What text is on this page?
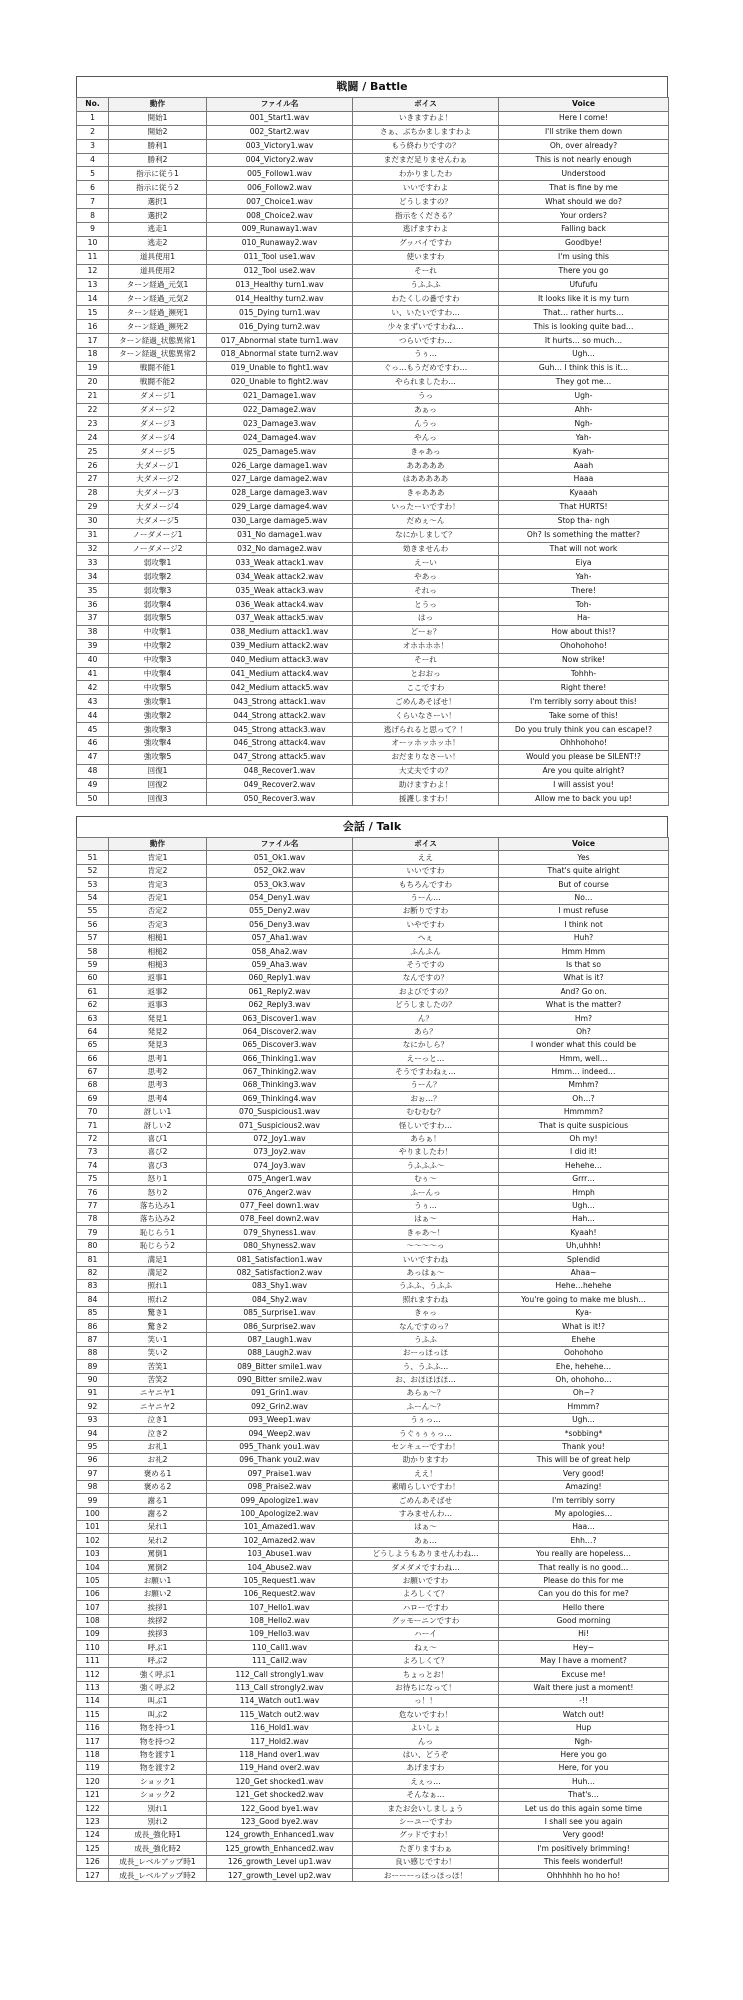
戦闘 / Battle
No.	動作	ファイル名	ボイス	Voice
1	開始1	001_Start1.wav	いきますわよ！	Here I come!
2	開始2	002_Start2.wav	さぁ、ぶちかましますわよ	I'll strike them down
3	勝利1	003_Victory1.wav	もう終わりですの？	Oh, over already?
4	勝利2	004_Victory2.wav	まだまだ足りませんわぁ	This is not nearly enough
5	指示に従う1	005_Follow1.wav	わかりましたわ	Understood
6	指示に従う2	006_Follow2.wav	いいですわよ	That is fine by me
7	選択1	007_Choice1.wav	どうしますの？	What should we do?
8	選択2	008_Choice2.wav	指示をくださる？	Your orders?
9	逃走1	009_Runaway1.wav	逃げますわよ	Falling back
10	逃走2	010_Runaway2.wav	グッバイですわ	Goodbye!
11	道具使用1	011_Tool use1.wav	使いますわ	I'm using this
12	道具使用2	012_Tool use2.wav	そーれ	There you go
13	ターン経過_元気1	013_Healthy turn1.wav	うふふふ	Ufufufu
14	ターン経過_元気2	014_Healthy turn2.wav	わたくしの番ですわ	It looks like it is my turn
15	ターン経過_瀕死1	015_Dying turn1.wav	い、いたいですわ…	That… rather hurts…
16	ターン経過_瀕死2	016_Dying turn2.wav	少々まずいですわね…	This is looking quite bad…
17	ターン経過_状態異常1	017_Abnormal state turn1.wav	つらいですわ…	It hurts… so much…
18	ターン経過_状態異常2	018_Abnormal state turn2.wav	うぅ…	Ugh…
19	戦闘不能1	019_Unable to fight1.wav	ぐっ…もうだめですわ…	Guh… I think this is it…
20	戦闘不能2	020_Unable to fight2.wav	やられましたわ…	They got me…
21	ダメージ1	021_Damage1.wav	うっ	Ugh-
22	ダメージ2	022_Damage2.wav	あぁっ	Ahh-
23	ダメージ3	023_Damage3.wav	んうっ	Ngh-
24	ダメージ4	024_Damage4.wav	やんっ	Yah-
25	ダメージ5	025_Damage5.wav	きゃあっ	Kyah-
26	大ダメージ1	026_Large damage1.wav	あああああ	Aaah
27	大ダメージ2	027_Large damage2.wav	はあああああ	Haaa
28	大ダメージ3	028_Large damage3.wav	きゃあああ	Kyaaah
29	大ダメージ4	029_Large damage4.wav	いったーいですわ！	That HURTS!
30	大ダメージ5	030_Large damage5.wav	だめぇ～ん	Stop tha- ngh
31	ノーダメージ1	031_No damage1.wav	なにかしまして？	Oh? Is something the matter?
32	ノーダメージ2	032_No damage2.wav	効きませんわ	That will not work
33	弱攻撃1	033_Weak attack1.wav	えーい	Eiya
34	弱攻撃2	034_Weak attack2.wav	やあっ	Yah-
35	弱攻撃3	035_Weak attack3.wav	それっ	There!
36	弱攻撃4	036_Weak attack4.wav	とうっ	Toh-
37	弱攻撃5	037_Weak attack5.wav	はっ	Ha-
38	中攻撃1	038_Medium attack1.wav	どーぉ？	How about this!?
39	中攻撃2	039_Medium attack2.wav	オホホホホ！	Ohohohoho!
40	中攻撃3	040_Medium attack3.wav	そーれ	Now strike!
41	中攻撃4	041_Medium attack4.wav	とおおっ	Tohhh-
42	中攻撃5	042_Medium attack5.wav	ここですわ	Right there!
43	強攻撃1	043_Strong attack1.wav	ごめんあそばせ！	I'm terribly sorry about this!
44	強攻撃2	044_Strong attack2.wav	くらいなさーい！	Take some of this!
45	強攻撃3	045_Strong attack3.wav	逃げられると思って？！	Do you truly think you can escape!?
46	強攻撃4	046_Strong attack4.wav	オーッホッホッホ！	Ohhhohoho!
47	強攻撃5	047_Strong attack5.wav	おだまりなさーい！	Would you please be SILENT!?
48	回復1	048_Recover1.wav	大丈夫ですの？	Are you quite alright?
49	回復2	049_Recover2.wav	助けますわよ！	I will assist you!
50	回復3	050_Recover3.wav	援護しますわ！	Allow me to back you up!
会話 / Talk
	動作	ファイル名	ボイス	Voice
51	肯定1	051_Ok1.wav	ええ	Yes
52	肯定2	052_Ok2.wav	いいですわ	That's quite alright
53	肯定3	053_Ok3.wav	もちろんですわ	But of course
54	否定1	054_Deny1.wav	うーん…	No…
55	否定2	055_Deny2.wav	お断りですわ	I must refuse
56	否定3	056_Deny3.wav	いやですわ	I think not
57	相槌1	057_Aha1.wav	へぇ	Huh?
58	相槌2	058_Aha2.wav	ふんふん	Hmm Hmm
59	相槌3	059_Aha3.wav	そうですの	Is that so
60	返事1	060_Reply1.wav	なんですの？	What is it?
61	返事2	061_Reply2.wav	およびですの？	And? Go on.
62	返事3	062_Reply3.wav	どうしましたの？	What is the matter?
63	発見1	063_Discover1.wav	ん？	Hm?
64	発見2	064_Discover2.wav	あら？	Oh?
65	発見3	065_Discover3.wav	なにかしら？	I wonder what this could be
66	思考1	066_Thinking1.wav	えーっと…	Hmm, well…
67	思考2	067_Thinking2.wav	そうですわねぇ…	Hmm… indeed…
68	思考3	068_Thinking3.wav	うーん？	Mmhm?
69	思考4	069_Thinking4.wav	おぉ…？	Oh…?
70	訝しい1	070_Suspicious1.wav	むむむむ？	Hmmmm?
71	訝しい2	071_Suspicious2.wav	怪しいですわ…	That is quite suspicious
72	喜び1	072_Joy1.wav	あらぁ！	Oh my!
73	喜び2	073_Joy2.wav	やりましたわ！	I did it!
74	喜び3	074_Joy3.wav	うふふふ～	Hehehe…
75	怒り1	075_Anger1.wav	むぅ～	Grrr…
76	怒り2	076_Anger2.wav	ふーんっ	Hmph
77	落ち込み1	077_Feel down1.wav	うぅ…	Ugh…
78	落ち込み2	078_Feel down2.wav	はぁ～	Hah…
79	恥じらう1	079_Shyness1.wav	きゃあ～！	Kyaah!
80	恥じらう2	080_Shyness2.wav	～～～～っ	Uh,uhhh!
81	満足1	081_Satisfaction1.wav	いいですわね	Splendid
82	満足2	082_Satisfaction2.wav	あっはぁ～	Ahaa~
83	照れ1	083_Shy1.wav	うふふ、うふふ	Hehe…hehehe
84	照れ2	084_Shy2.wav	照れますわね	You're going to make me blush…
85	驚き1	085_Surprise1.wav	きゃっ	Kya-
86	驚き2	086_Surprise2.wav	なんですのっ？	What is it!?
87	笑い1	087_Laugh1.wav	うふふ	Ehehe
88	笑い2	088_Laugh2.wav	おーっほっほ	Oohohoho
89	苦笑1	089_Bitter smile1.wav	う、うふふ…	Ehe, hehehe…
90	苦笑2	090_Bitter smile2.wav	お、おほほほほ…	Oh, ohohoho…
91	ニヤニヤ1	091_Grin1.wav	あらぁ～？	Oh~?
92	ニヤニヤ2	092_Grin2.wav	ふーん～？	Hmmm?
93	泣き1	093_Weep1.wav	うぅっ…	Ugh…
94	泣き2	094_Weep2.wav	うぐぅぅぅっ…	*sobbing*
95	お礼1	095_Thank you1.wav	センキューですわ！	Thank you!
96	お礼2	096_Thank you2.wav	助かりますわ	This will be of great help
97	褒める1	097_Praise1.wav	ええ！	Very good!
98	褒める2	098_Praise2.wav	素晴らしいですわ！	Amazing!
99	謝る1	099_Apologize1.wav	ごめんあそばせ	I'm terribly sorry
100	謝る2	100_Apologize2.wav	すみませんわ…	My apologies…
101	呆れ1	101_Amazed1.wav	はぁ～	Haa…
102	呆れ2	102_Amazed2.wav	あぁ…	Ehh…?
103	罵倒1	103_Abuse1.wav	どうしようもありませんわね…	You really are hopeless…
104	罵倒2	104_Abuse2.wav	ダメダメですわね…	That really is no good…
105	お願い1	105_Request1.wav	お願いですわ	Please do this for me
106	お願い2	106_Request2.wav	よろしくて？	Can you do this for me?
107	挨拶1	107_Hello1.wav	ハローですわ	Hello there
108	挨拶2	108_Hello2.wav	グッモーニンですわ	Good morning
109	挨拶3	109_Hello3.wav	ハーイ	Hi!
110	呼ぶ1	110_Call1.wav	ねぇ～	Hey~
111	呼ぶ2	111_Call2.wav	よろしくて？	May I have a moment?
112	強く呼ぶ1	112_Call strongly1.wav	ちょっとお！	Excuse me!
113	強く呼ぶ2	113_Call strongly2.wav	お待ちになって！	Wait there just a moment!
114	叫ぶ1	114_Watch out1.wav	っ！！	-!!
115	叫ぶ2	115_Watch out2.wav	危ないですわ！	Watch out!
116	物を持つ1	116_Hold1.wav	よいしょ	Hup
117	物を持つ2	117_Hold2.wav	んっ	Ngh-
118	物を渡す1	118_Hand over1.wav	はい、どうぞ	Here you go
119	物を渡す2	119_Hand over2.wav	あげますわ	Here, for you
120	ショック1	120_Get shocked1.wav	えぇっ…	Huh…
121	ショック2	121_Get shocked2.wav	そんなぁ…	That's…
122	別れ1	122_Good bye1.wav	またお会いしましょう	Let us do this again some time
123	別れ2	123_Good bye2.wav	シーユーですわ	I shall see you again
124	成長_強化時1	124_growth_Enhanced1.wav	グッドですわ！	Very good!
125	成長_強化時2	125_growth_Enhanced2.wav	たぎりますわぁ	I'm positively brimming!
126	成長_レベルアップ時1	126_growth_Level up1.wav	良い感じですわ！	This feels wonderful!
127	成長_レベルアップ時2	127_growth_Level up2.wav	おーーーっほっほっほ！	Ohhhhhh ho ho ho!
